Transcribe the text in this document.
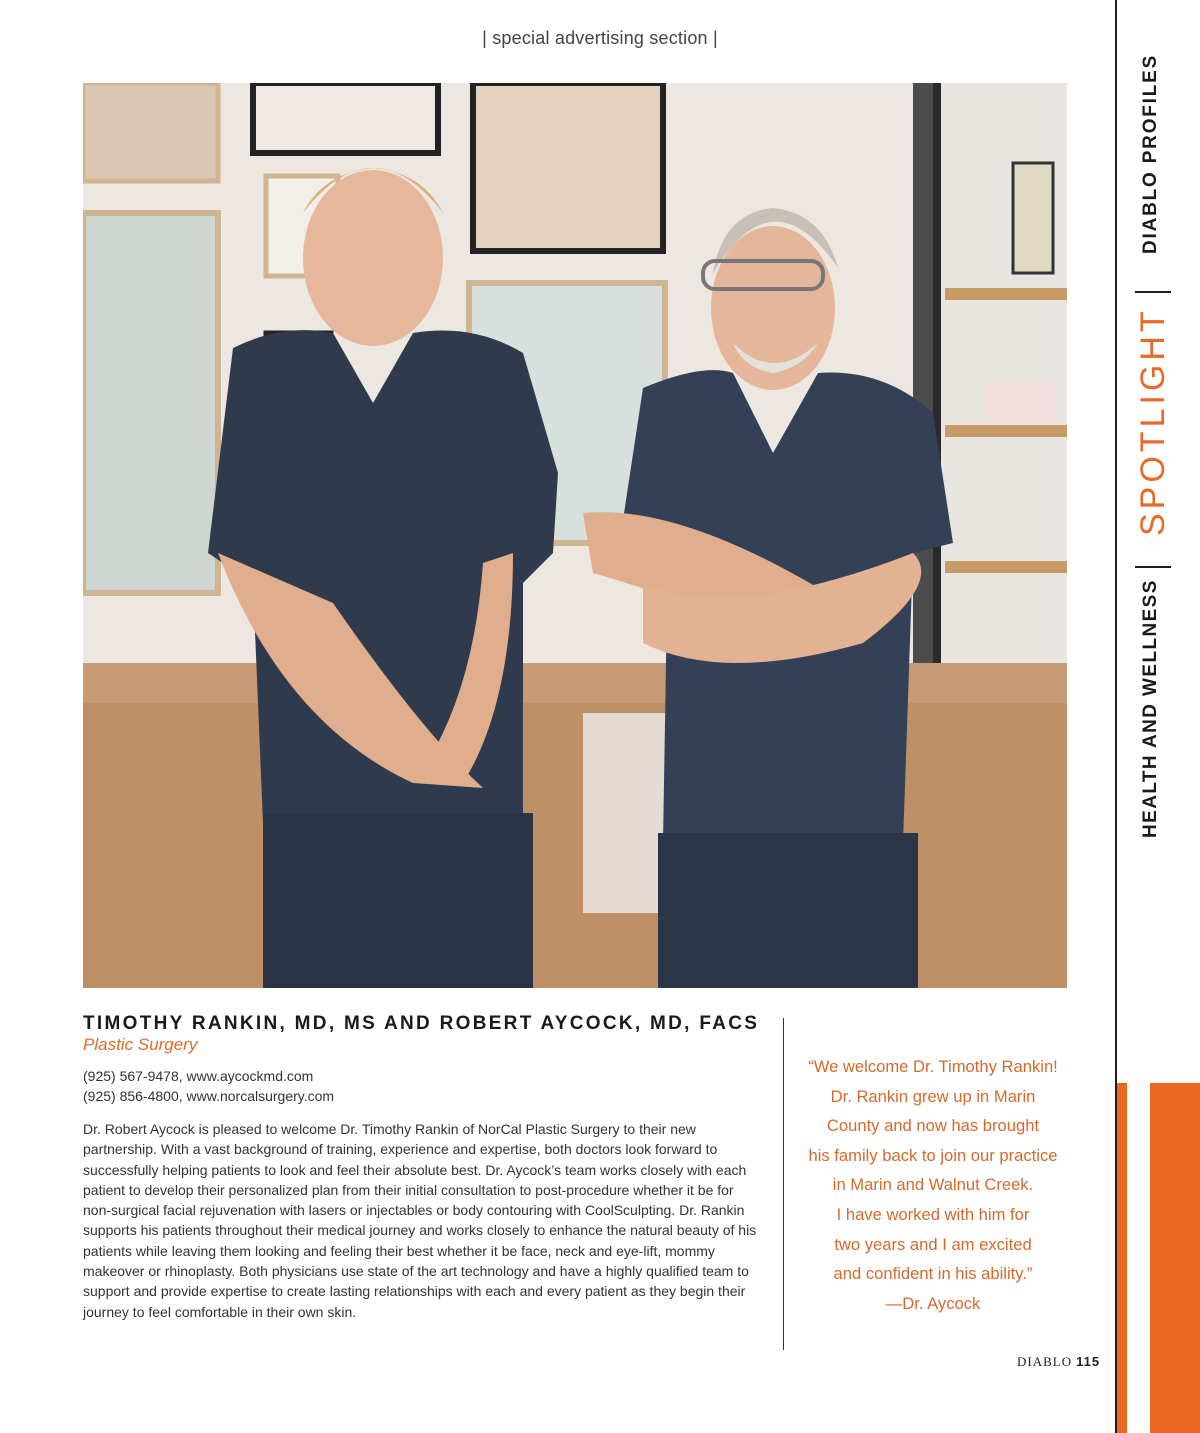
| special advertising section |
DIABLO PROFILES
SPOTLIGHT
HEALTH AND WELLNESS
TIMOTHY RANKIN, MD, MS AND ROBERT AYCOCK, MD, FACS
Plastic Surgery
(925) 567-9478, www.aycockmd.com
(925) 856-4800, www.norcalsurgery.com
Dr. Robert Aycock is pleased to welcome Dr. Timothy Rankin of NorCal Plastic Surgery to their new partnership. With a vast background of training, experience and expertise, both doctors look forward to successfully helping patients to look and feel their absolute best. Dr. Aycock’s team works closely with each patient to develop their personalized plan from their initial consultation to post-procedure whether it be for non-surgical facial rejuvenation with lasers or injectables or body contouring with CoolSculpting. Dr. Rankin supports his patients throughout their medical journey and works closely to enhance the natural beauty of his patients while leaving them looking and feeling their best whether it be face, neck and eye-lift, mommy makeover or rhinoplasty. Both physicians use state of the art technology and have a highly qualified team to support and provide expertise to create lasting relationships with each and every patient as they begin their journey to feel comfortable in their own skin.
“We welcome Dr. Timothy Rankin!
Dr. Rankin grew up in Marin
County and now has brought
his family back to join our practice
in Marin and Walnut Creek.
I have worked with him for
two years and I am excited
and confident in his ability.”
—Dr. Aycock
DIABLO 115
